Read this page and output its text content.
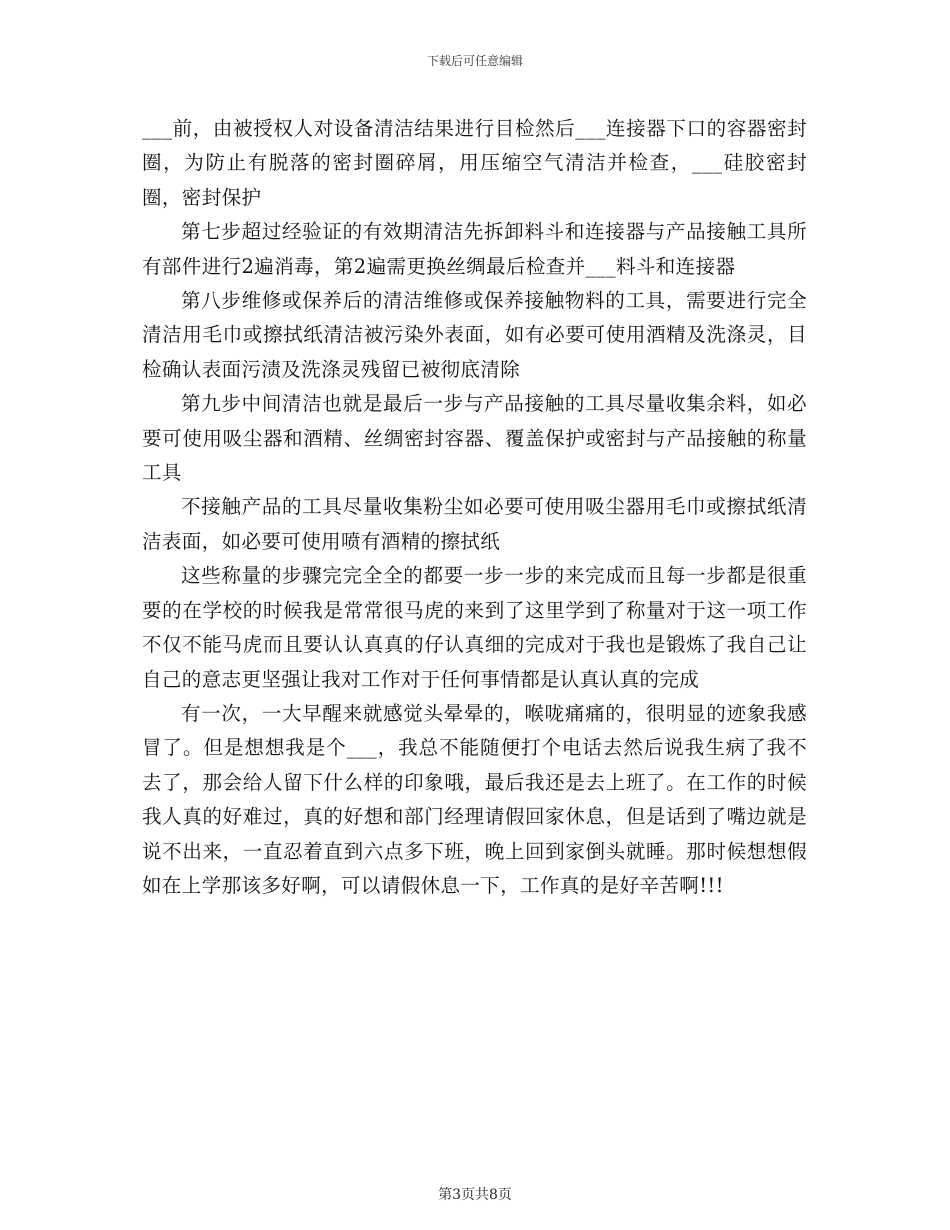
下载后可任意编辑

___前，由被授权人对设备清洁结果进行目检然后___连接器下口的容器密封圈，为防止有脱落的密封圈碎屑，用压缩空气清洁并检查，___硅胶密封圈，密封保护

第七步超过经验证的有效期清洁先拆卸料斗和连接器与产品接触工具所有部件进行2遍消毒，第2遍需更换丝绸最后检查并___料斗和连接器

第八步维修或保养后的清洁维修或保养接触物料的工具，需要进行完全清洁用毛巾或擦拭纸清洁被污染外表面，如有必要可使用酒精及洗涤灵，目检确认表面污渍及洗涤灵残留已被彻底清除

第九步中间清洁也就是最后一步与产品接触的工具尽量收集余料，如必要可使用吸尘器和酒精、丝绸密封容器、覆盖保护或密封与产品接触的称量工具

不接触产品的工具尽量收集粉尘如必要可使用吸尘器用毛巾或擦拭纸清洁表面，如必要可使用喷有酒精的擦拭纸

这些称量的步骤完完全全的都要一步一步的来完成而且每一步都是很重要的在学校的时候我是常常很马虎的来到了这里学到了称量对于这一项工作不仅不能马虎而且要认认真真的仔认真细的完成对于我也是锻炼了我自己让自己的意志更坚强让我对工作对于任何事情都是认真认真的完成

有一次，一大早醒来就感觉头晕晕的，喉咙痛痛的，很明显的迹象我感冒了。但是想想我是个___，我总不能随便打个电话去然后说我生病了我不去了，那会给人留下什么样的印象哦，最后我还是去上班了。在工作的时候我人真的好难过，真的好想和部门经理请假回家休息，但是话到了嘴边就是说不出来，一直忍着直到六点多下班，晚上回到家倒头就睡。那时候想想假如在上学那该多好啊，可以请假休息一下，工作真的是好辛苦啊!!!

第3页共8页
